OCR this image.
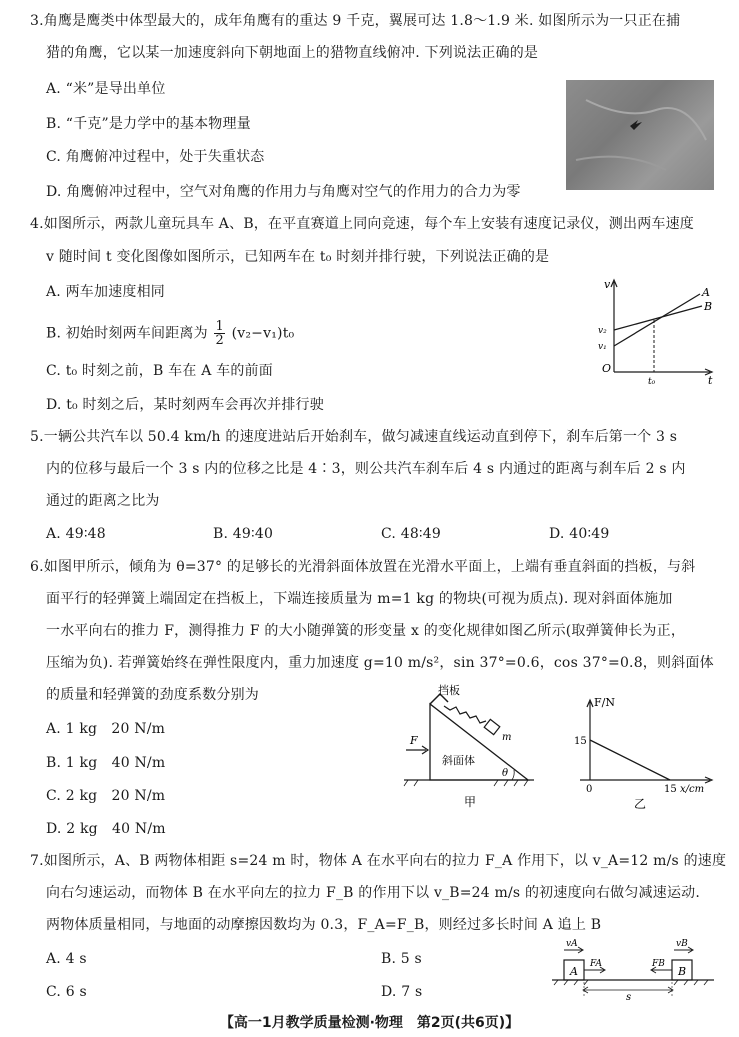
3.角鹰是鹰类中体型最大的，成年角鹰有的重达 9 千克，翼展可达 1.8～1.9 米. 如图所示为一只正在捕
猎的角鹰，它以某一加速度斜向下朝地面上的猎物直线俯冲. 下列说法正确的是
A. “米”是导出单位
B. “千克”是力学中的基本物理量
C. 角鹰俯冲过程中，处于失重状态
D. 角鹰俯冲过程中，空气对角鹰的作用力与角鹰对空气的作用力的合力为零
4.如图所示，两款儿童玩具车 A、B，在平直赛道上同向竞速，每个车上安装有速度记录仪，测出两车速度
v 随时间 t 变化图像如图所示，已知两车在 t₀ 时刻并排行驶，下列说法正确的是
A. 两车加速度相同
B. 初始时刻两车间距离为 $\frac{1}{2} (v_2-v_1)t_0$
C. t₀ 时刻之前，B 车在 A 车的前面
D. t₀ 时刻之后，某时刻两车会再次并排行驶
v
t
O
v₂
v₁
t₀
A
B
5.一辆公共汽车以 50.4 km/h 的速度进站后开始刹车，做匀减速直线运动直到停下，刹车后第一个 3 s
内的位移与最后一个 3 s 内的位移之比是 4∶3，则公共汽车刹车后 4 s 内通过的距离与刹车后 2 s 内
通过的距离之比为
A. 49∶48	B. 49∶40	C. 48∶49	D. 40∶49
6.如图甲所示，倾角为 θ=37° 的足够长的光滑斜面体放置在光滑水平面上，上端有垂直斜面的挡板，与斜
面平行的轻弹簧上端固定在挡板上，下端连接质量为 m=1 kg 的物块(可视为质点). 现对斜面体施加
一水平向右的推力 F，测得推力 F 的大小随弹簧的形变量 x 的变化规律如图乙所示(取弹簧伸长为正，
压缩为负). 若弹簧始终在弹性限度内，重力加速度 g=10 m/s²，sin 37°=0.6，cos 37°=0.8，则斜面体
的质量和轻弹簧的劲度系数分别为
A. 1 kg　20 N/m
B. 1 kg　40 N/m
C. 2 kg　20 N/m
D. 2 kg　40 N/m
挡板
F	m
斜面体
θ
甲
F/N
15
15
0	x/cm
乙
7.如图所示，A、B 两物体相距 s=24 m 时，物体 A 在水平向右的拉力 F_A 作用下，以 v_A=12 m/s 的速度
向右匀速运动，而物体 B 在水平向左的拉力 F_B 的作用下以 v_B=24 m/s 的初速度向右做匀减速运动.
两物体质量相同，与地面的动摩擦因数均为 0.3，F_A=F_B，则经过多长时间 A 追上 B
A. 4 s	B. 5 s
C. 6 s	D. 7 s
vA
FA	FB
vB
A	B
s
【高一1月教学质量检测·物理　第2页(共6页)】
